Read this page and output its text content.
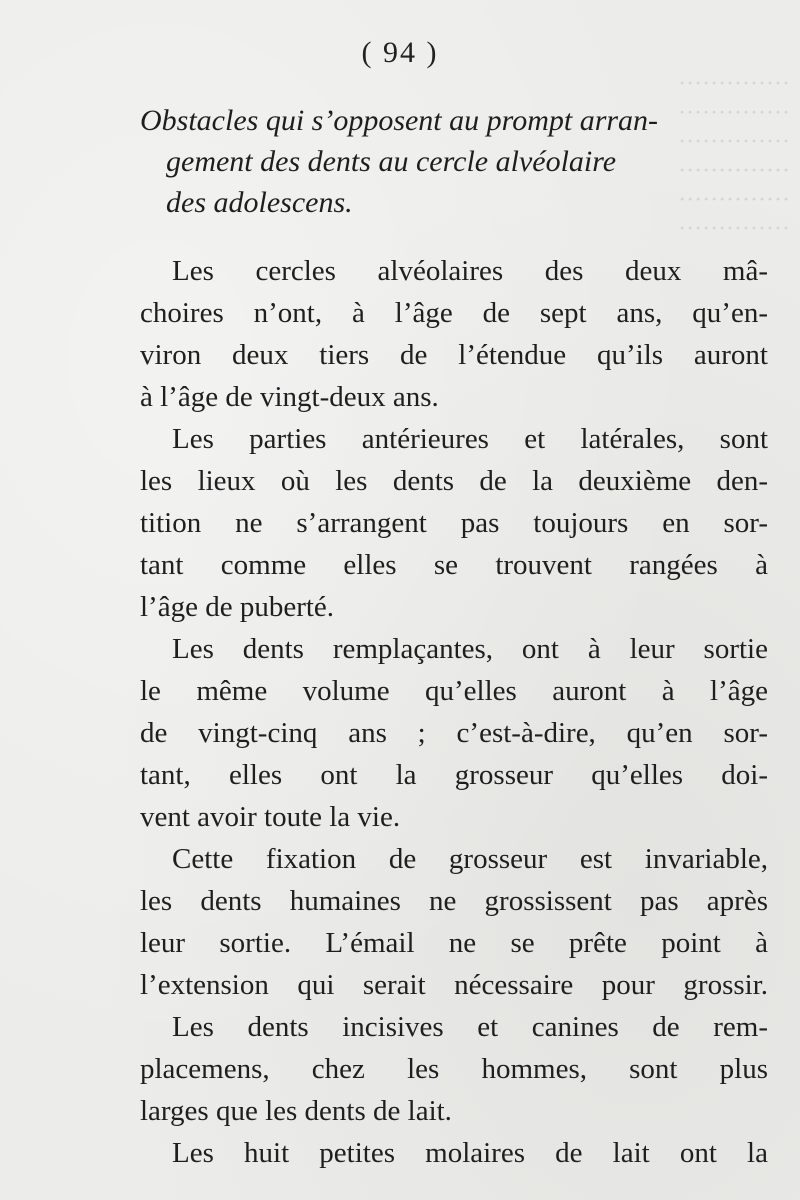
··············
··············
··············
··············
··············
··············
( 94 )
Obstacles qui s’opposent au prompt arran-
gement des dents au cercle alvéolaire
des adolescens.
Les cercles alvéolaires des deux mâ-
choires n’ont, à l’âge de sept ans, qu’en-
viron deux tiers de l’étendue qu’ils auront
à l’âge de vingt-deux ans.
Les parties antérieures et latérales, sont
les lieux où les dents de la deuxième den-
tition ne s’arrangent pas toujours en sor-
tant comme elles se trouvent rangées à
l’âge de puberté.
Les dents remplaçantes, ont à leur sortie
le même volume qu’elles auront à l’âge
de vingt-cinq ans ; c’est-à-dire, qu’en sor-
tant, elles ont la grosseur qu’elles doi-
vent avoir toute la vie.
Cette fixation de grosseur est invariable,
les dents humaines ne grossissent pas après
leur sortie. L’émail ne se prête point à
l’extension qui serait nécessaire pour grossir.
Les dents incisives et canines de rem-
placemens, chez les hommes, sont plus
larges que les dents de lait.
Les huit petites molaires de lait ont la
